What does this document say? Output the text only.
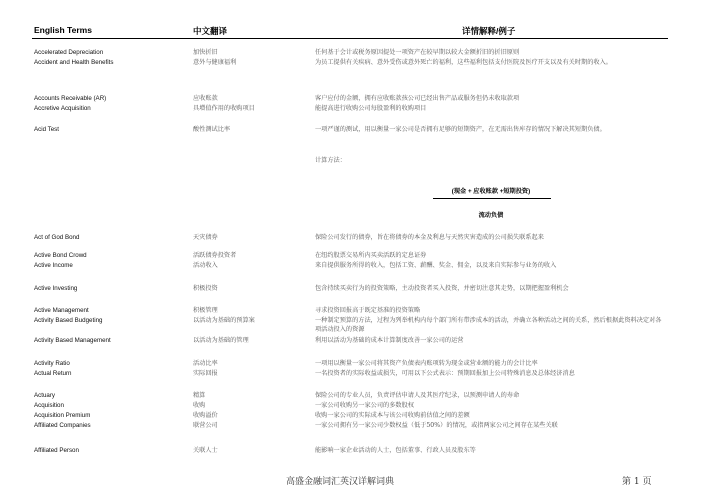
English Terms	中文翻译	详情解释/例子
Accelerated Depreciation	加快折旧	任何基于会计或税务原因提处一项资产在较早期以较大金额折旧的折旧原则
Accident and Health Benefits	意外与健康福利	为员工提供有关疾病、意外受伤或意外死亡的福利，这些福利包括支付医院及医疗开支以及有关时期的收入。
Accounts Receivable (AR)	应收账款	客户应付的金额，拥有应收账款孩公司已经出售产品或服务但仍未收取款项
Accretive Acquisition	具增值作用的收购项目	能提高进行收购公司每股盈利的收购项目
Acid Test	酸性测试比率	一项严谨的测试，用以衡量一家公司是否拥有足够的短期资产，在无需出售库存的情况下解决其短期负债。
计算方法：
Act of God Bond	天灾债券	保险公司发行的债券，旨在将债券的本金及利息与天然灾害造成的公司损失联系起来
Active Bond Crowd	活跃债券投资者	在纽约股票交易所内买卖活跃的定息证券
Active Income	活动收入	来自提供服务所得的收入，包括工资、薪酬、奖金、佣金，以及来自实际参与业务的收入
Active Investing	积极投资	包含持续买卖行为的投资策略，主动投资者买入投资，并密切注意其走势，以期把握盈利机会
Active Management	积极管理	寻求投资回报高于既定基准的投资策略
Activity Based Budgeting	以活动为基础的预算案	一种制定预算的方法，过程为列举机构内每个部门所有带涉成本的活动，并确立各种活动之间的关系，然后根据此资料决定对各项活动投入的资源
Activity Based Management	以活动为基础的管理	利用以活动为基础的成本计算制度改善一家公司的运营
Activity Ratio	活动比率	一项用以衡量一家公司将其资产负债表内账项转为现金或营业额的能力的会计比率
Actual Return	实际回报	一名投资者的实际收益或损失，可用以下公式表示：预期回报加上公司特殊消息及总体经济消息
Actuary	精算	保险公司的专业人员，负责评估申请人及其医疗纪录，以预测申请人的寿命
Acquisition	收购	一家公司收购另一家公司的多数股权
Acquisition Premium	收购溢价	收购一家公司的实际成本与该公司收购前估值之间的差额
Affiliated Companies	联营公司	一家公司拥有另一家公司少数权益（低于50%）的情况，或指两家公司之间存在某些关联
Affiliated Person	关联人士	能影响一家企业活动的人士，包括董事、行政人员及股东等
(现金 + 应收账款 +短期投资)
流动负债
高盛金融词汇英汉详解词典	第 1 页
